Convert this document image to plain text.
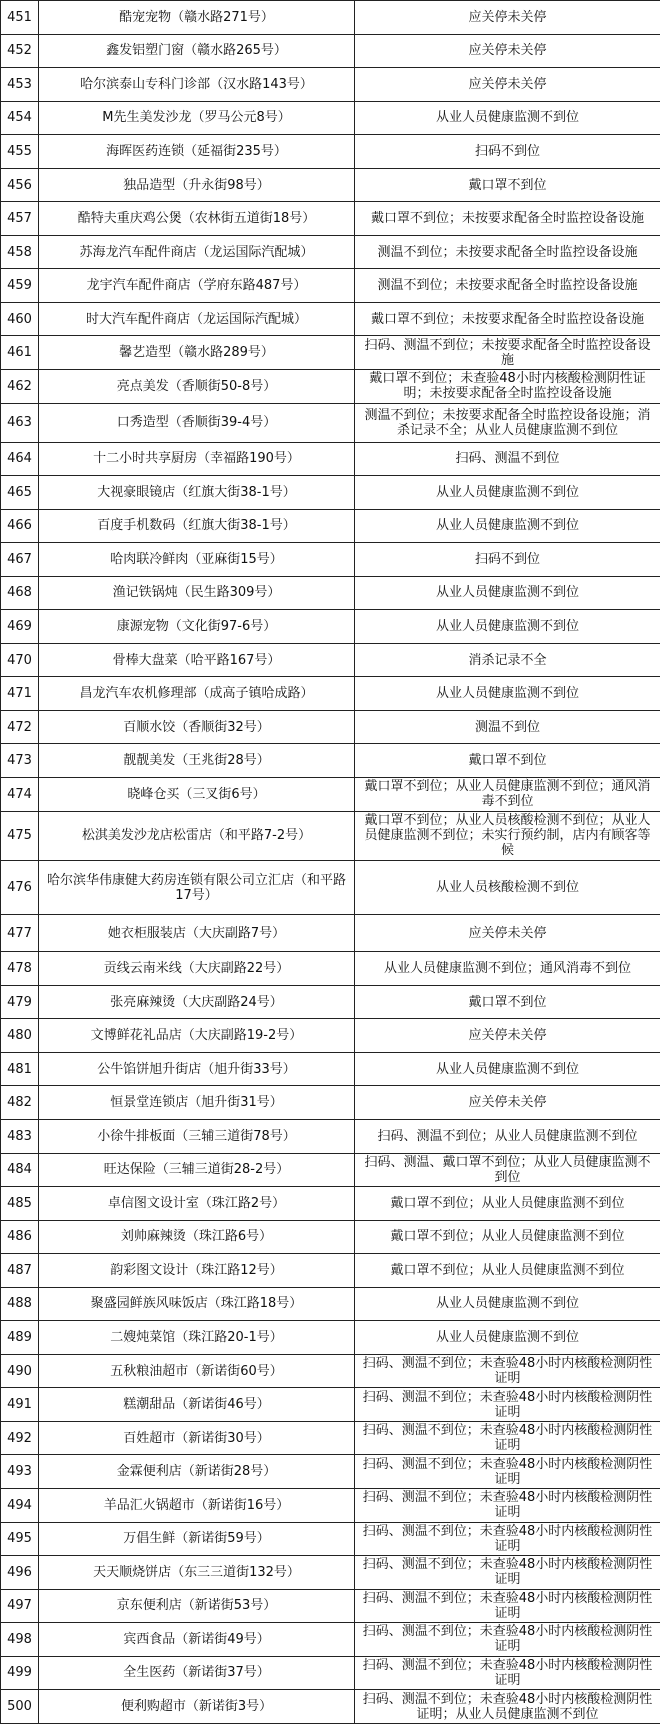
451	酷宠宠物（赣水路271号）	应关停未关停
452	鑫发铝塑门窗（赣水路265号）	应关停未关停
453	哈尔滨泰山专科门诊部（汉水路143号）	应关停未关停
454	M先生美发沙龙（罗马公元8号）	从业人员健康监测不到位
455	海晖医药连锁（延福街235号）	扫码不到位
456	独品造型（升永街98号）	戴口罩不到位
457	酷特夫重庆鸡公煲（农林街五道街18号）	戴口罩不到位；未按要求配备全时监控设备设施
458	苏海龙汽车配件商店（龙运国际汽配城）	测温不到位；未按要求配备全时监控设备设施
459	龙宇汽车配件商店（学府东路487号）	测温不到位；未按要求配备全时监控设备设施
460	时大汽车配件商店（龙运国际汽配城）	戴口罩不到位；未按要求配备全时监控设备设施
461	馨艺造型（赣水路289号）	扫码、测温不到位；未按要求配备全时监控设备设施
462	亮点美发（香顺街50-8号）	戴口罩不到位；未查验48小时内核酸检测阴性证明；未按要求配备全时监控设备设施
463	口秀造型（香顺街39-4号）	测温不到位；未按要求配备全时监控设备设施；消杀记录不全；从业人员健康监测不到位
464	十二小时共享厨房（幸福路190号）	扫码、测温不到位
465	大视豪眼镜店（红旗大街38-1号）	从业人员健康监测不到位
466	百度手机数码（红旗大街38-1号）	从业人员健康监测不到位
467	哈肉联冷鲜肉（亚麻街15号）	扫码不到位
468	渔记铁锅炖（民生路309号）	从业人员健康监测不到位
469	康源宠物（文化街97-6号）	从业人员健康监测不到位
470	骨棒大盘菜（哈平路167号）	消杀记录不全
471	昌龙汽车农机修理部（成高子镇哈成路）	从业人员健康监测不到位
472	百顺水饺（香顺街32号）	测温不到位
473	靓靓美发（王兆街28号）	戴口罩不到位
474	晓峰仓买（三叉街6号）	戴口罩不到位；从业人员健康监测不到位；通风消毒不到位
475	松淇美发沙龙店松雷店（和平路7-2号）	戴口罩不到位；从业人员核酸检测不到位；从业人员健康监测不到位；未实行预约制，店内有顾客等候
476	哈尔滨华伟康健大药房连锁有限公司立汇店（和平路17号）	从业人员核酸检测不到位
477	她衣柜服装店（大庆副路7号）	应关停未关停
478	贡线云南米线（大庆副路22号）	从业人员健康监测不到位；通风消毒不到位
479	张亮麻辣烫（大庆副路24号）	戴口罩不到位
480	文博鲜花礼品店（大庆副路19-2号）	应关停未关停
481	公牛馅饼旭升街店（旭升街33号）	从业人员健康监测不到位
482	恒景堂连锁店（旭升街31号）	应关停未关停
483	小徐牛排板面（三辅三道街78号）	扫码、测温不到位；从业人员健康监测不到位
484	旺达保险（三辅三道街28-2号）	扫码、测温、戴口罩不到位；从业人员健康监测不到位
485	卓信图文设计室（珠江路2号）	戴口罩不到位；从业人员健康监测不到位
486	刘帅麻辣烫（珠江路6号）	戴口罩不到位；从业人员健康监测不到位
487	韵彩图文设计（珠江路12号）	戴口罩不到位；从业人员健康监测不到位
488	聚盛园鲜族风味饭店（珠江路18号）	从业人员健康监测不到位
489	二嫂炖菜馆（珠江路20-1号）	从业人员健康监测不到位
490	五秋粮油超市（新诺街60号）	扫码、测温不到位；未查验48小时内核酸检测阴性证明
491	糕潮甜品（新诺街46号）	扫码、测温不到位；未查验48小时内核酸检测阴性证明
492	百姓超市（新诺街30号）	扫码、测温不到位；未查验48小时内核酸检测阴性证明
493	金霖便利店（新诺街28号）	扫码、测温不到位；未查验48小时内核酸检测阴性证明
494	羊品汇火锅超市（新诺街16号）	扫码、测温不到位；未查验48小时内核酸检测阴性证明
495	万倡生鲜（新诺街59号）	扫码、测温不到位；未查验48小时内核酸检测阴性证明
496	天天顺烧饼店（东三三道街132号）	扫码、测温不到位；未查验48小时内核酸检测阴性证明
497	京东便利店（新诺街53号）	扫码、测温不到位；未查验48小时内核酸检测阴性证明
498	宾西食品（新诺街49号）	扫码、测温不到位；未查验48小时内核酸检测阴性证明
499	全生医药（新诺街37号）	扫码、测温不到位；未查验48小时内核酸检测阴性证明
500	便利购超市（新诺街3号）	扫码、测温不到位；未查验48小时内核酸检测阴性证明；从业人员健康监测不到位
